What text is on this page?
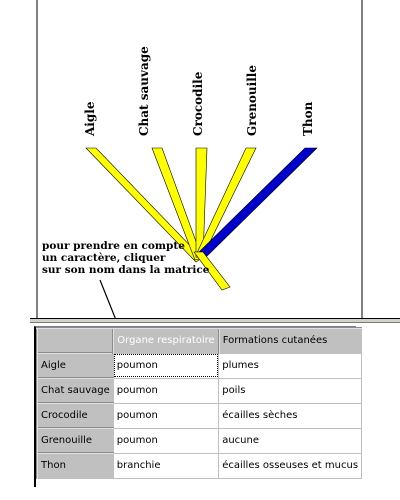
Aigle	Chat sauvage	Crocodile	Grenouille	Thon
pour prendre en compte
un caractère, cliquer
sur son nom dans la matrice
	Organe respiratoire	Formations cutanées
Aigle	poumon	plumes
Chat sauvage	poumon	poils
Crocodile	poumon	écailles sèches
Grenouille	poumon	aucune
Thon	branchie	écailles osseuses et mucus
